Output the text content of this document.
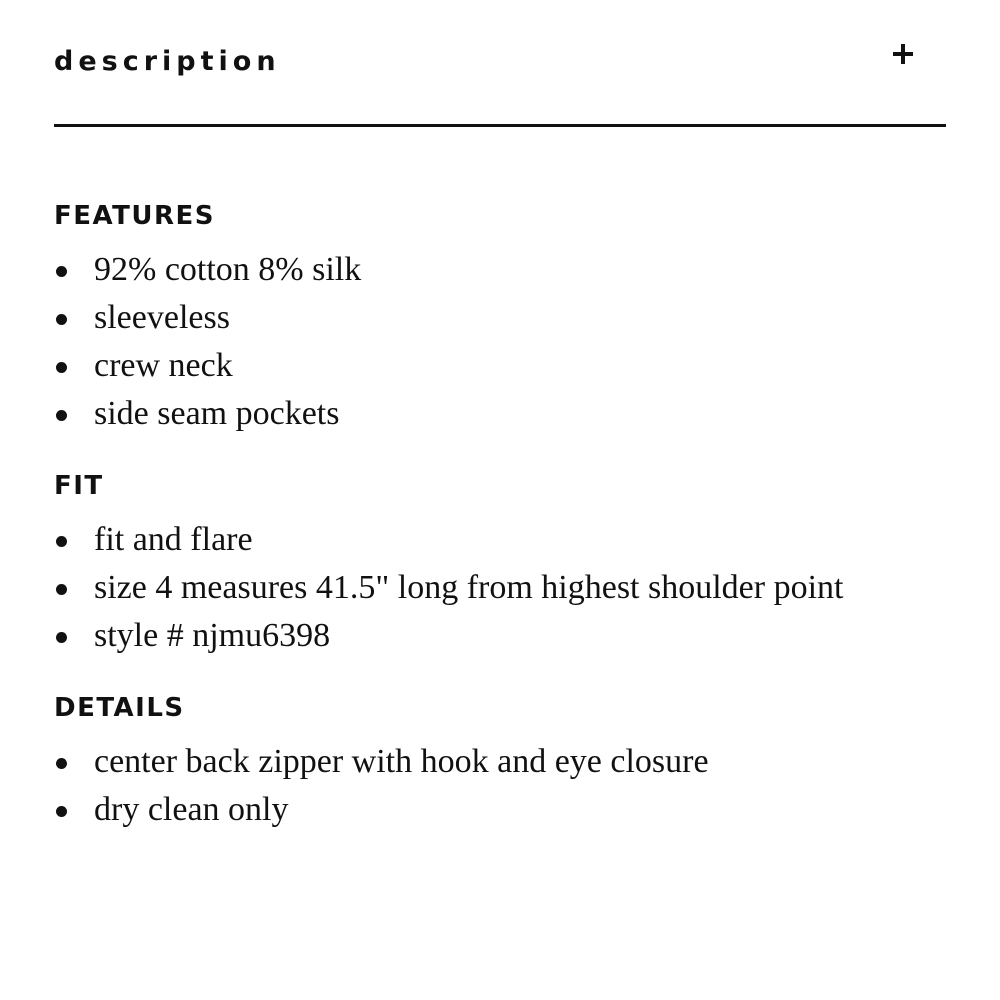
description
FEATURES
92% cotton 8% silk
sleeveless
crew neck
side seam pockets
FIT
fit and flare
size 4 measures 41.5" long from highest shoulder point
style # njmu6398
DETAILS
center back zipper with hook and eye closure
dry clean only
